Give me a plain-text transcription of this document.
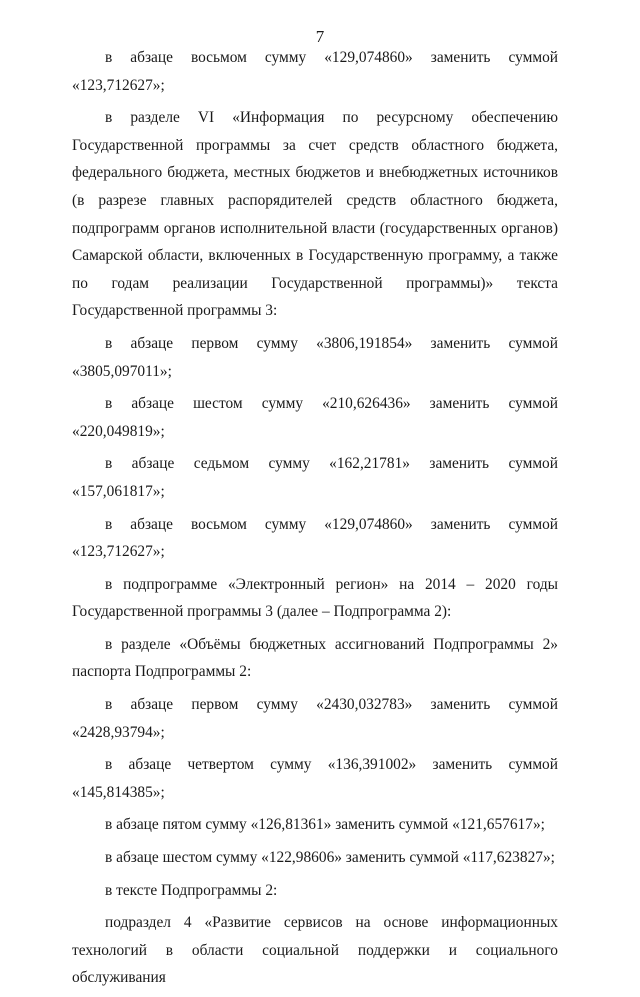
7

в абзаце восьмом сумму «129,074860» заменить суммой «123,712627»;

в разделе VI «Информация по ресурсному обеспечению Государственной программы за счет средств областного бюджета, федерального бюджета, местных бюджетов и внебюджетных источников (в разрезе главных распорядителей средств областного бюджета, подпрограмм органов исполнительной власти (государственных органов) Самарской области, включенных в Государственную программу, а также по годам реализации Государственной программы)» текста Государственной программы 3:

в абзаце первом сумму «3806,191854» заменить суммой «3805,097011»;

в абзаце шестом сумму «210,626436» заменить суммой «220,049819»;

в абзаце седьмом сумму «162,21781» заменить суммой «157,061817»;

в абзаце восьмом сумму «129,074860» заменить суммой «123,712627»;

в подпрограмме «Электронный регион» на 2014 – 2020 годы Государственной программы 3 (далее – Подпрограмма 2):

в разделе «Объёмы бюджетных ассигнований Подпрограммы 2» паспорта Подпрограммы 2:

в абзаце первом сумму «2430,032783» заменить суммой «2428,93794»;

в абзаце четвертом сумму «136,391002» заменить суммой «145,814385»;

в абзаце пятом сумму «126,81361» заменить суммой «121,657617»;

в абзаце шестом сумму «122,98606» заменить суммой «117,623827»;

в тексте Подпрограммы 2:

подраздел 4 «Развитие сервисов на основе информационных технологий в области социальной поддержки и социального обслуживания
